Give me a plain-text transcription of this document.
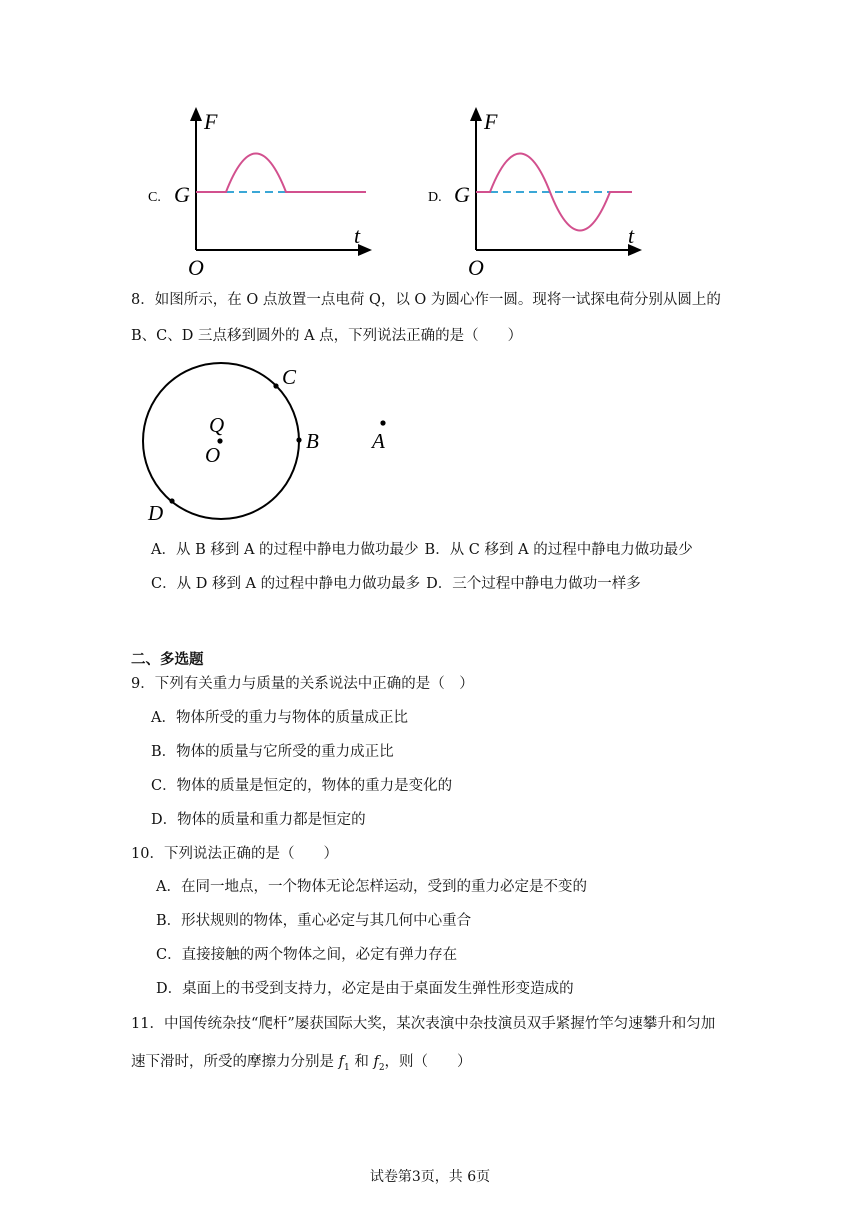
C. G
F
t
O
D. G
F
t
O
8．如图所示，在 O 点放置一点电荷 Q，以 O 为圆心作一圆。现将一试探电荷分别从圆上的
B、C、D 三点移到圆外的 A 点，下列说法正确的是（　　）
C
Q
O
B	A
D
A．从 B 移到 A 的过程中静电力做功最少 B．从 C 移到 A 的过程中静电力做功最少
C．从 D 移到 A 的过程中静电力做功最多 D．三个过程中静电力做功一样多
二、多选题
9．下列有关重力与质量的关系说法中正确的是（　）
A．物体所受的重力与物体的质量成正比
B．物体的质量与它所受的重力成正比
C．物体的质量是恒定的，物体的重力是变化的
D．物体的质量和重力都是恒定的
10．下列说法正确的是（　　）
A．在同一地点，一个物体无论怎样运动，受到的重力必定是不变的
B．形状规则的物体，重心必定与其几何中心重合
C．直接接触的两个物体之间，必定有弹力存在
D．桌面上的书受到支持力，必定是由于桌面发生弹性形变造成的
11．中国传统杂技“爬杆”屡获国际大奖，某次表演中杂技演员双手紧握竹竿匀速攀升和匀加
速下滑时，所受的摩擦力分别是 $f_1$ 和 $f_2$，则（　　）
试卷第3页，共 6页
